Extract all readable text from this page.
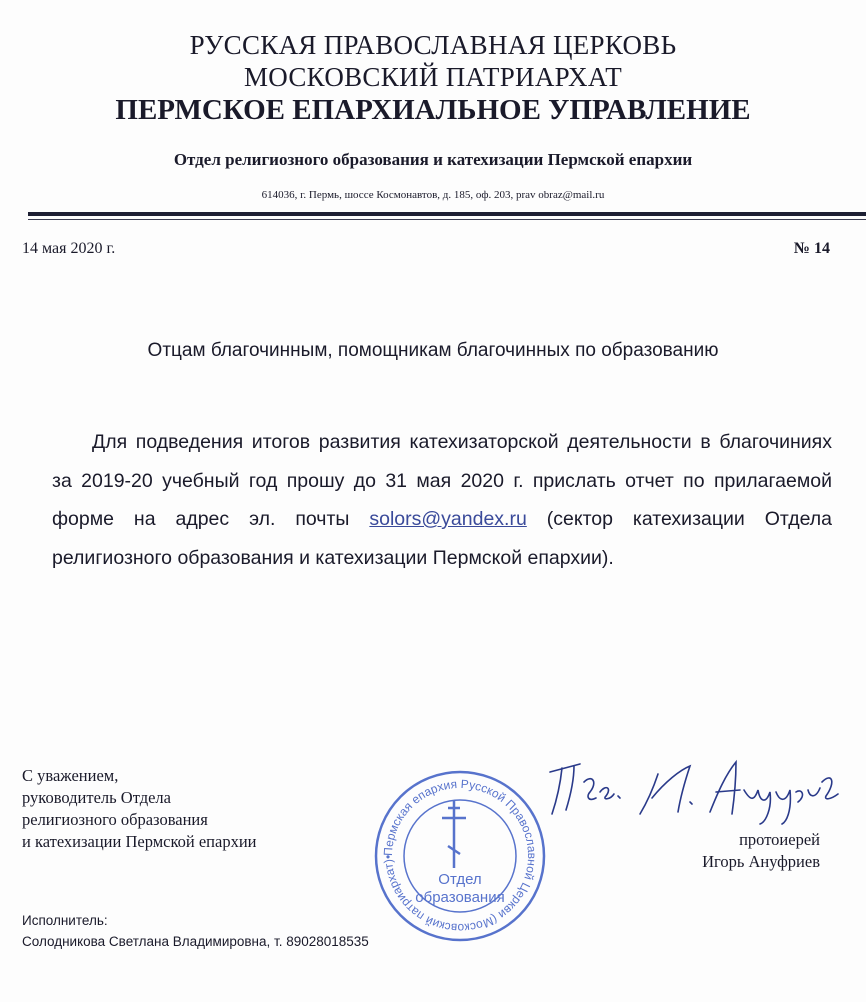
РУССКАЯ ПРАВОСЛАВНАЯ ЦЕРКОВЬ
МОСКОВСКИЙ ПАТРИАРХАТ
ПЕРМСКОЕ ЕПАРХИАЛЬНОЕ УПРАВЛЕНИЕ
Отдел религиозного образования и катехизации Пермской епархии
614036, г. Пермь, шоссе Космонавтов, д. 185, оф. 203, prav obraz@mail.ru
14 мая 2020 г.	№ 14
Отцам благочинным, помощникам благочинных по образованию
Для подведения итогов развития катехизаторской деятельности в благочиниях за 2019-20 учебный год прошу до 31 мая 2020 г. прислать отчет по прилагаемой форме на адрес эл. почты solors@yandex.ru (сектор катехизации Отдела религиозного образования и катехизации Пермской епархии).
С уважением,
руководитель Отдела
религиозного образования
и катехизации Пермской епархии	протоиерей
Игорь Ануфриев
Пермская епархия Русской Православной Церкви (Московский патриархат)•
Отдел
образования
Исполнитель:
Солодникова Светлана Владимировна, т. 89028018535
